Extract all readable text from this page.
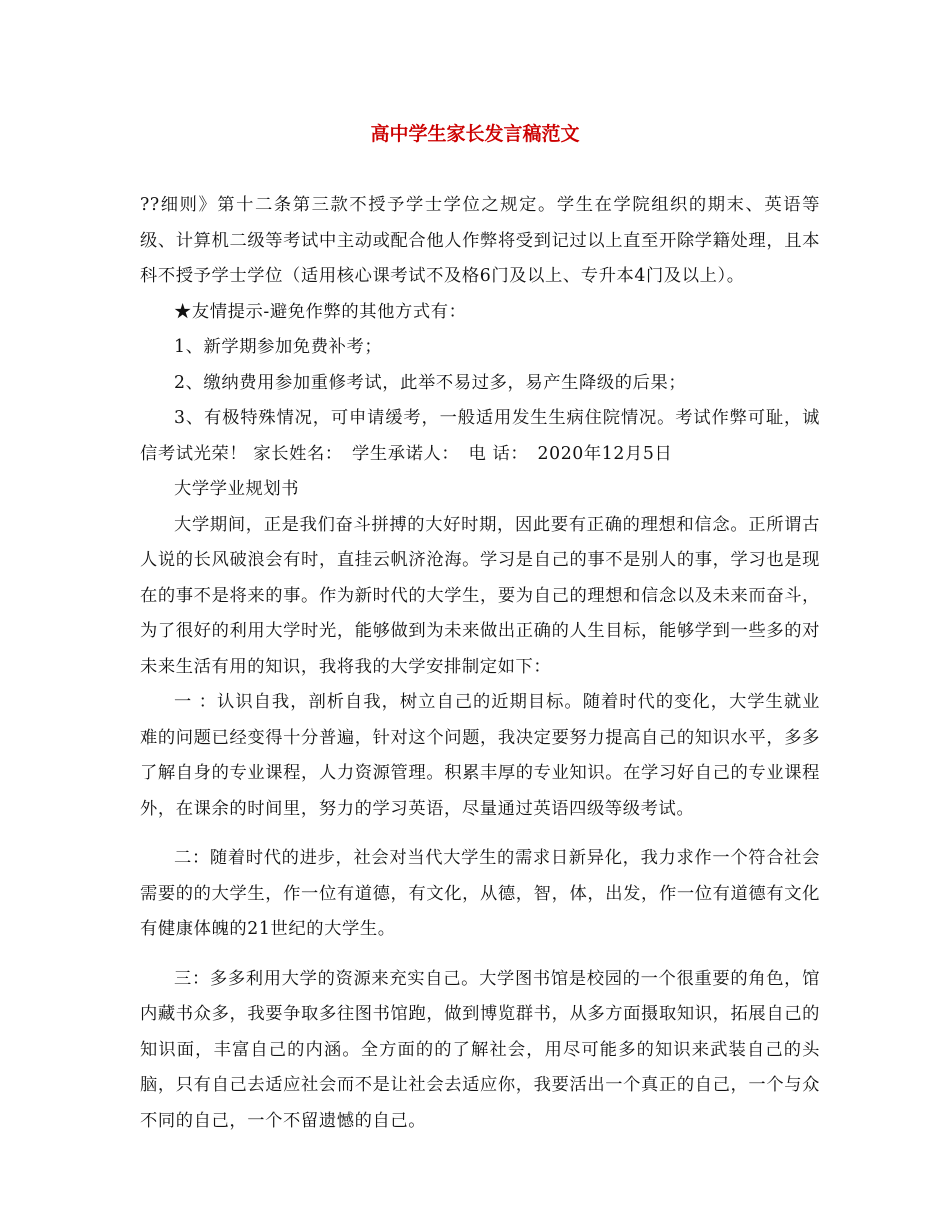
高中学生家长发言稿范文

??细则》第十二条第三款不授予学士学位之规定。学生在学院组织的期末、英语等级、计算机二级等考试中主动或配合他人作弊将受到记过以上直至开除学籍处理，且本科不授予学士学位（适用核心课考试不及格6门及以上、专升本4门及以上）。

★友情提示-避免作弊的其他方式有：

1、新学期参加免费补考；

2、缴纳费用参加重修考试，此举不易过多，易产生降级的后果；

3、有极特殊情况，可申请缓考，一般适用发生生病住院情况。考试作弊可耻，诚信考试光荣！ 家长姓名：　学生承诺人：　电 话：　2020年12月5日

大学学业规划书

大学期间，正是我们奋斗拼搏的大好时期，因此要有正确的理想和信念。正所谓古人说的长风破浪会有时，直挂云帆济沧海。学习是自己的事不是别人的事，学习也是现在的事不是将来的事。作为新时代的大学生，要为自己的理想和信念以及未来而奋斗，为了很好的利用大学时光，能够做到为未来做出正确的人生目标，能够学到一些多的对未来生活有用的知识，我将我的大学安排制定如下：

一 ：认识自我，剖析自我，树立自己的近期目标。随着时代的变化，大学生就业难的问题已经变得十分普遍，针对这个问题，我决定要努力提高自己的知识水平，多多了解自身的专业课程，人力资源管理。积累丰厚的专业知识。在学习好自己的专业课程外，在课余的时间里，努力的学习英语，尽量通过英语四级等级考试。

二：随着时代的进步，社会对当代大学生的需求日新异化，我力求作一个符合社会需要的的大学生，作一位有道德，有文化，从德，智，体，出发，作一位有道德有文化有健康体魄的21世纪的大学生。

三：多多利用大学的资源来充实自己。大学图书馆是校园的一个很重要的角色，馆内藏书众多，我要争取多往图书馆跑，做到博览群书，从多方面摄取知识，拓展自己的知识面，丰富自己的内涵。全方面的的了解社会，用尽可能多的知识来武装自己的头脑，只有自己去适应社会而不是让社会去适应你，我要活出一个真正的自己，一个与众不同的自己，一个不留遗憾的自己。
